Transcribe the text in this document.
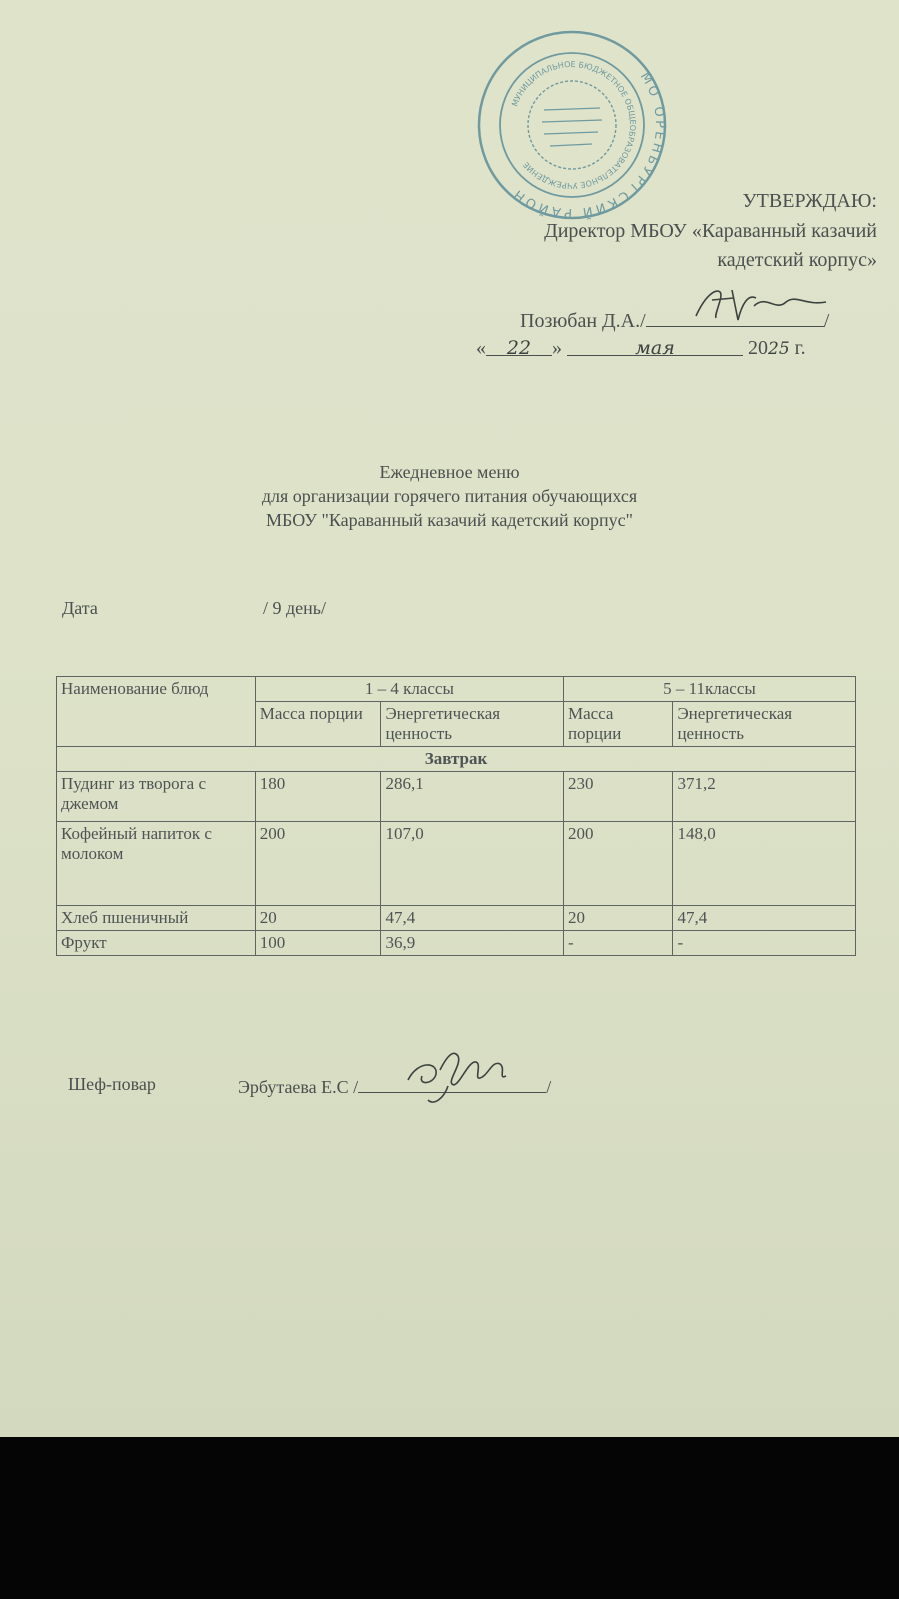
МО ОРЕНБУРГСКИЙ РАЙОН
МУНИЦИПАЛЬНОЕ БЮДЖЕТНОЕ ОБЩЕОБРАЗОВАТЕЛЬНОЕ УЧРЕЖДЕНИЕ
УТВЕРЖДАЮ:
Директор МБОУ «Караванный казачий
кадетский корпус»
Позюбан Д.А./	/
« 22 »	мая	2025 г.
Ежедневное меню
для организации горячего питания обучающихся
МБОУ "Караванный казачий кадетский корпус"
Дата	/ 9 день/
Наименование блюд	1 – 4 классы		5 – 11классы	
	Масса порции	Энергетическая ценность	Масса порции	Энергетическая ценность
Завтрак				
Пудинг из творога с джемом	180	286,1	230	371,2
Кофейный напиток с молоком	200	107,0	200	148,0
Хлеб пшеничный	20	47,4	20	47,4
Фрукт	100	36,9	-	-
Шеф-повар	Эрбутаева Е.С /	/
